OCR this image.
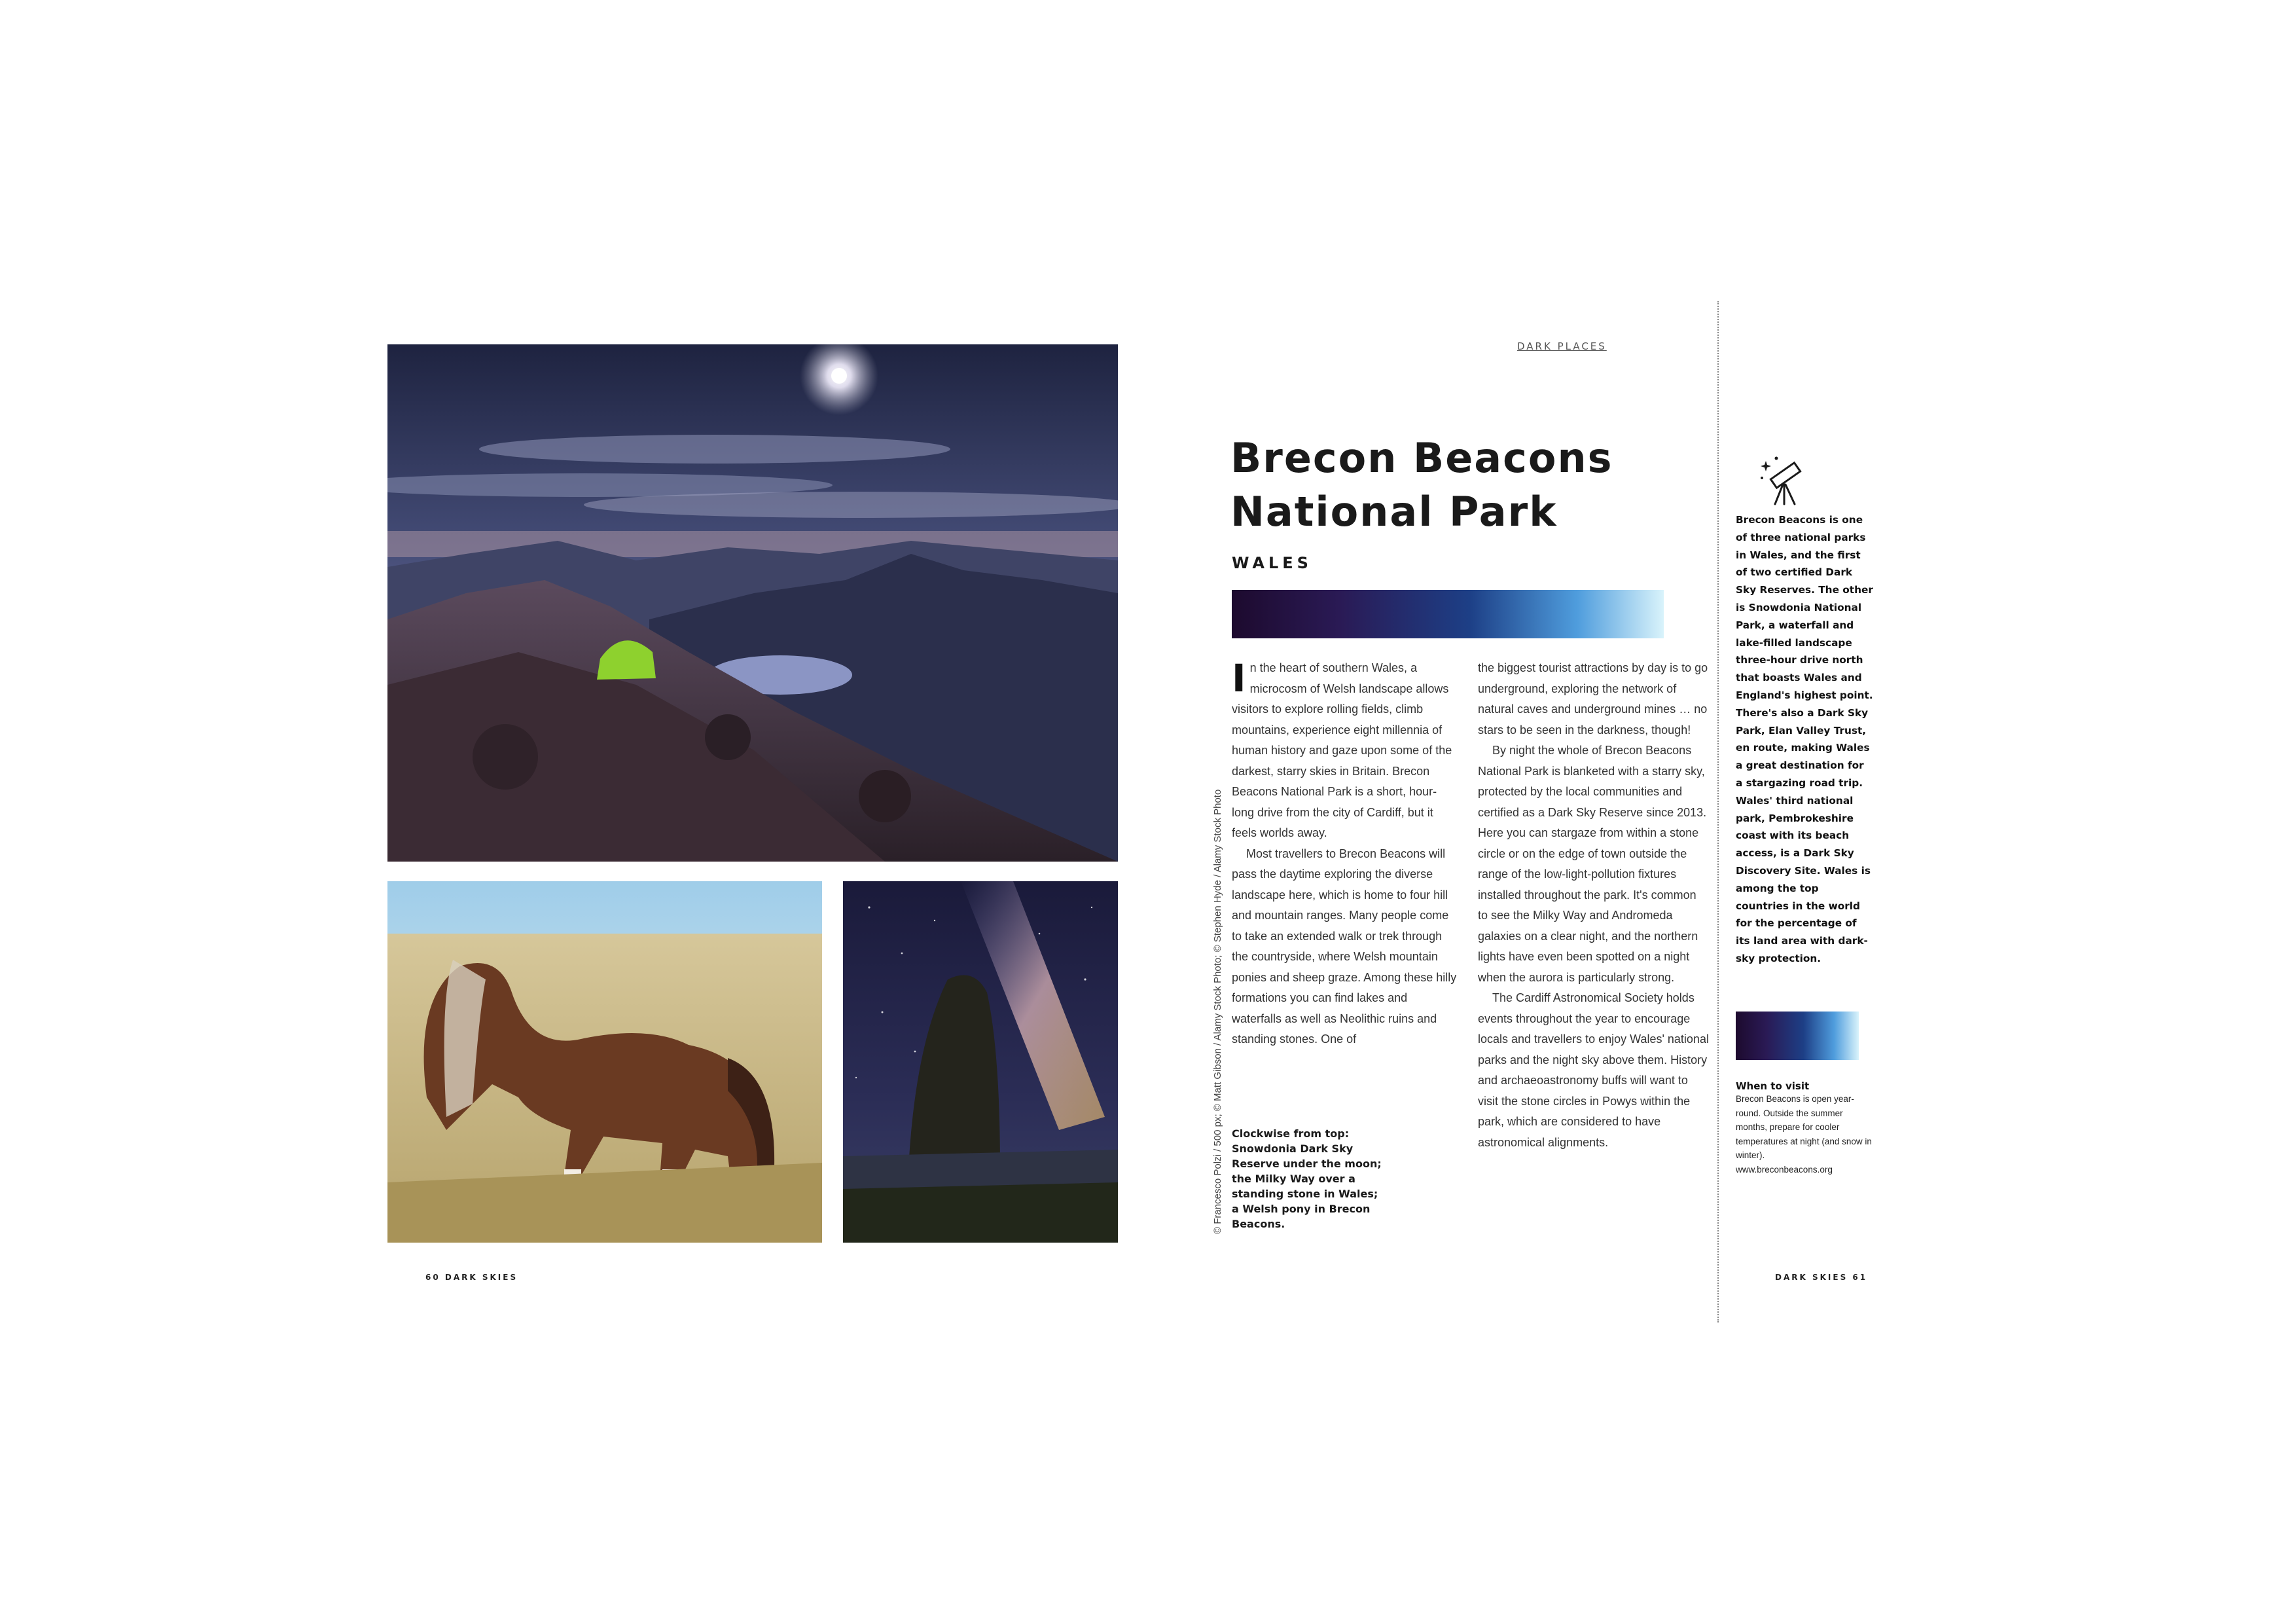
© Francesco Polzi / 500 px; © Matt Gibson / Alamy Stock Photo; © Stephen Hyde / Alamy Stock Photo
60 DARK SKIES
DARK PLACES
Brecon Beacons
National Park
WALES

In the heart of southern Wales, a microcosm of Welsh landscape allows visitors to explore rolling fields, climb mountains, experience eight millennia of human history and gaze upon some of the darkest, starry skies in Britain. Brecon Beacons National Park is a short, hour-long drive from the city of Cardiff, but it feels worlds away.

Most travellers to Brecon Beacons will pass the daytime exploring the diverse landscape here, which is home to four hill and mountain ranges. Many people come to take an extended walk or trek through the countryside, where Welsh mountain ponies and sheep graze. Among these hilly formations you can find lakes and waterfalls as well as Neolithic ruins and standing stones. One of

Clockwise from top: Snowdonia Dark Sky Reserve under the moon; the Milky Way over a standing stone in Wales; a Welsh pony in Brecon Beacons.

the biggest tourist attractions by day is to go underground, exploring the network of natural caves and underground mines … no stars to be seen in the darkness, though!

By night the whole of Brecon Beacons National Park is blanketed with a starry sky, protected by the local communities and certified as a Dark Sky Reserve since 2013. Here you can stargaze from within a stone circle or on the edge of town outside the range of the low-light-pollution fixtures installed throughout the park. It's common to see the Milky Way and Andromeda galaxies on a clear night, and the northern lights have even been spotted on a night when the aurora is particularly strong.

The Cardiff Astronomical Society holds events throughout the year to encourage locals and travellers to enjoy Wales' national parks and the night sky above them. History and archaeoastronomy buffs will want to visit the stone circles in Powys within the park, which are considered to have astronomical alignments.

Brecon Beacons is one of three national parks in Wales, and the first of two certified Dark Sky Reserves. The other is Snowdonia National Park, a waterfall and lake-filled landscape three-hour drive north that boasts Wales and England's highest point. There's also a Dark Sky Park, Elan Valley Trust, en route, making Wales a great destination for a stargazing road trip. Wales' third national park, Pembrokeshire coast with its beach access, is a Dark Sky Discovery Site. Wales is among the top countries in the world for the percentage of its land area with dark-sky protection.
When to visit
Brecon Beacons is open year-round. Outside the summer months, prepare for cooler temperatures at night (and snow in winter).
www.breconbeacons.org
DARK SKIES 61
